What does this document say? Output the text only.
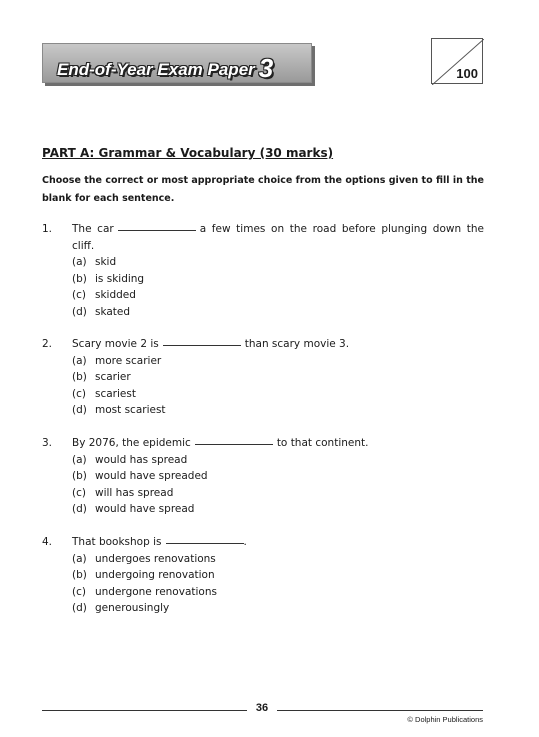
End-of-Year Exam Paper 3	100
PART A: Grammar & Vocabulary (30 marks)
Choose the correct or most appropriate choice from the options given to fill in the blank for each sentence.
1. The car	a few times on the road before plunging down the cliff.
(a) skid
(b) is skiding
(c) skidded
(d) skated
2. Scary movie 2 is	than scary movie 3.
(a) more scarier
(b) scarier
(c) scariest
(d) most scariest
3. By 2076, the epidemic	to that continent.
(a) would has spread
(b) would have spreaded
(c) will has spread
(d) would have spread
4. That bookshop is	.
(a) undergoes renovations
(b) undergoing renovation
(c) undergone renovations
(d) generousingly
36
© Dolphin Publications
